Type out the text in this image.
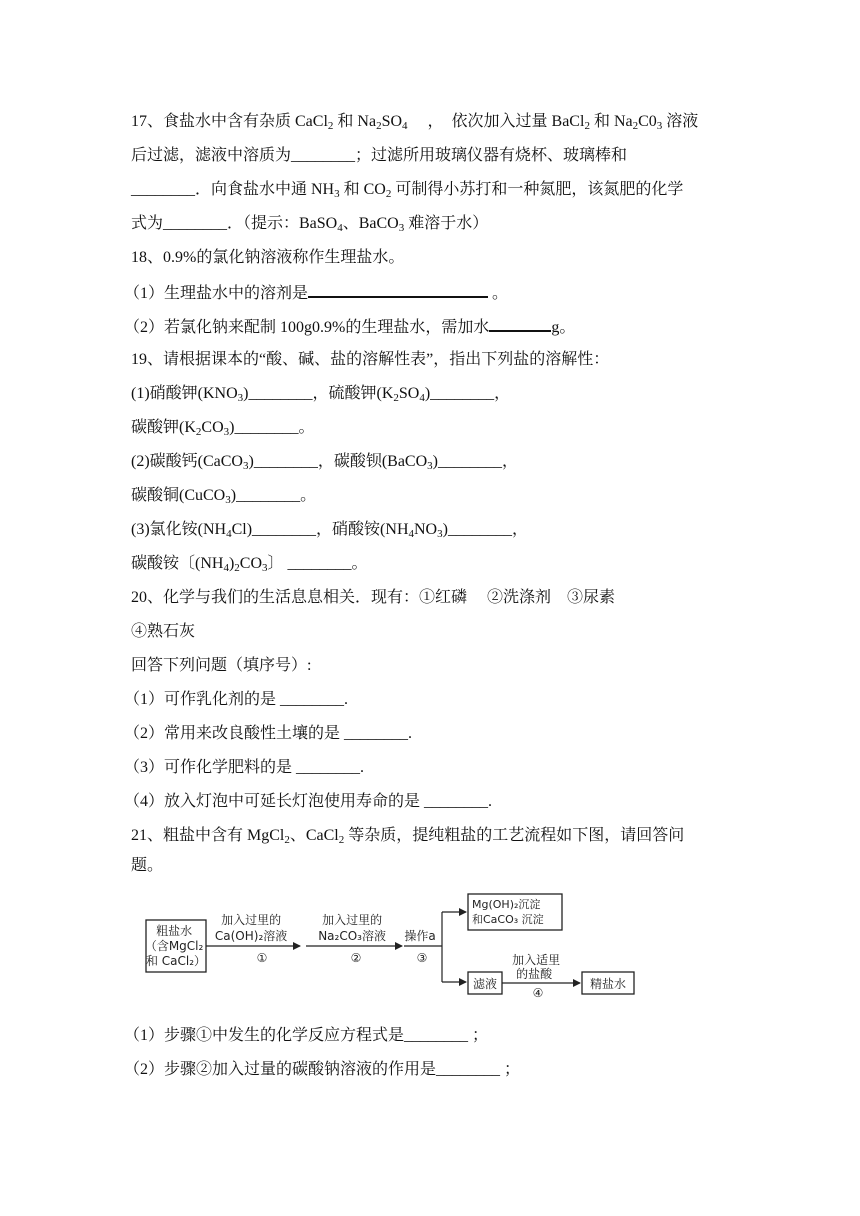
17、食盐水中含有杂质 CaCl$_2$ 和 $Na_2SO_4$　 ，　依次加入过量 BaCl$_2$ 和 $Na_2C0_3$ 溶液
后过滤，滤液中溶质为________；过滤所用玻璃仪器有烧杯、玻璃棒和
________．向食盐水中通 $NH_3$ 和 $CO_2$ 可制得小苏打和一种氮肥，该氮肥的化学
式为________．（提示：BaSO$_4$、BaCO$_3$ 难溶于水）
18、0.9%的氯化钠溶液称作生理盐水。
（1）生理盐水中的溶剂是	。
（2）若氯化钠来配制 100g0.9%的生理盐水，需加水	g。
19、请根据课本的“酸、碱、盐的溶解性表”，指出下列盐的溶解性：
(1)硝酸钾$(KNO_3)\_\_\_\_\_\_\_\_$，硫酸钾$(K_2SO_4)\_\_\_\_\_\_\_\_$，
碳酸钾$(K_2CO_3)\_\_\_\_\_\_\_\_$。
(2)碳酸钙(CaCO$_3$)________，碳酸钡(BaCO$_3$)________，
碳酸铜(CuCO$_3$)________。
(3)氯化铵$(NH_4Cl)\_\_\_\_\_\_\_\_$，硝酸铵$(NH_4NO_3)\_\_\_\_\_\_\_\_$，
碳酸铵〔$(NH_4)_2CO_3$〕 ________。
20、化学与我们的生活息息相关．现有：①红磷　 ②洗涤剂　③尿素
④熟石灰
回答下列问题（填序号）:
（1）可作乳化剂的是 ________.
（2）常用来改良酸性土壤的是 ________.
（3）可作化学肥料的是 ________.
（4）放入灯泡中可延长灯泡使用寿命的是 ________.
21、粗盐中含有 MgCl$_2$、CaCl$_2$ 等杂质，提纯粗盐的工艺流程如下图，请回答问
题。
粗盐水 （含MgCl₂ 和 CaCl₂）
加入过里的 Ca(OH)₂溶液 ①
加入过里的 Na₂CO₃溶液 ②
操作a ③
Mg(OH)₂沉淀 和CaCO₃ 沉淀
滤液
加入适里 的盐酸 ④
精盐水
（1）步骤①中发生的化学反应方程式是________ ；
（2）步骤②加入过量的碳酸钠溶液的作用是________ ；
